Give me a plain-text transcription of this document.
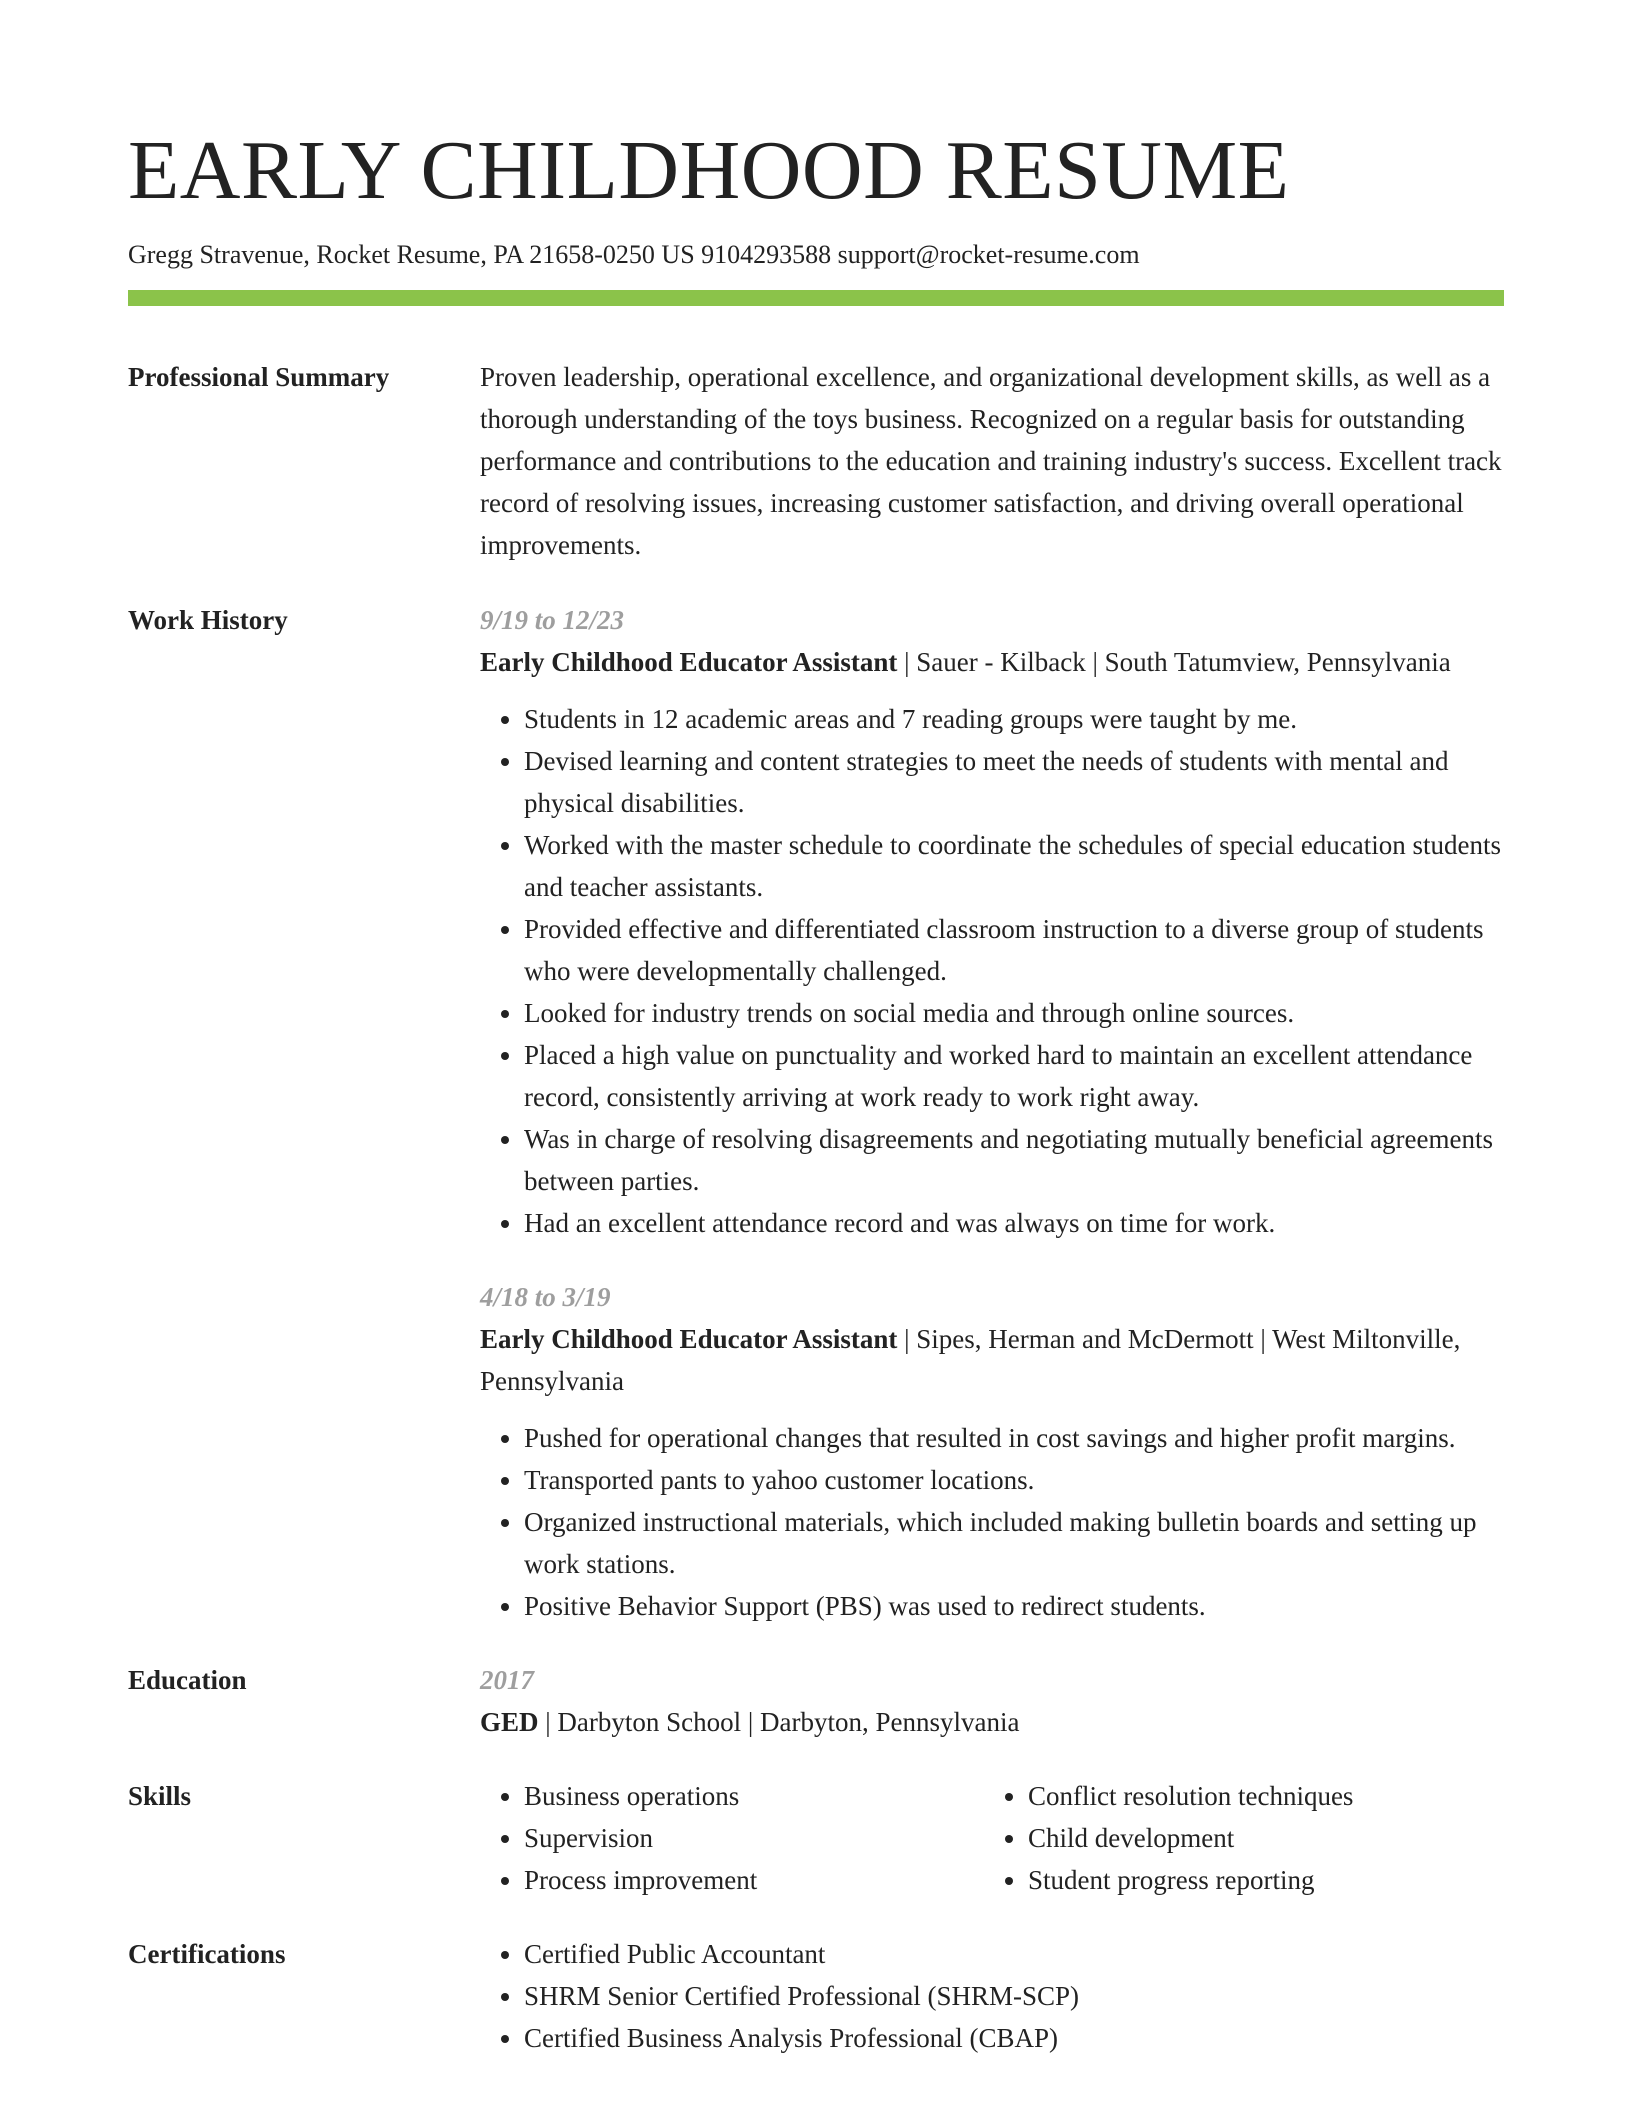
EARLY CHILDHOOD RESUME
Gregg Stravenue, Rocket Resume, PA 21658-0250 US 9104293588 support@rocket-resume.com
Professional Summary	Proven leadership, operational excellence, and organizational development skills, as well as a thorough understanding of the toys business. Recognized on a regular basis for outstanding performance and contributions to the education and training industry's success. Excellent track record of resolving issues, increasing customer satisfaction, and driving overall operational improvements.
Work History	9/19 to 12/23
Early Childhood Educator Assistant | Sauer - Kilback | South Tatumview, Pennsylvania
• Students in 12 academic areas and 7 reading groups were taught by me.
• Devised learning and content strategies to meet the needs of students with mental and physical disabilities.
• Worked with the master schedule to coordinate the schedules of special education students and teacher assistants.
• Provided effective and differentiated classroom instruction to a diverse group of students who were developmentally challenged.
• Looked for industry trends on social media and through online sources.
• Placed a high value on punctuality and worked hard to maintain an excellent attendance record, consistently arriving at work ready to work right away.
• Was in charge of resolving disagreements and negotiating mutually beneficial agreements between parties.
• Had an excellent attendance record and was always on time for work.
4/18 to 3/19
Early Childhood Educator Assistant | Sipes, Herman and McDermott | West Miltonville, Pennsylvania
• Pushed for operational changes that resulted in cost savings and higher profit margins.
• Transported pants to yahoo customer locations.
• Organized instructional materials, which included making bulletin boards and setting up work stations.
• Positive Behavior Support (PBS) was used to redirect students.
Education	2017
GED | Darbyton School | Darbyton, Pennsylvania
Skills	• Business operations
• Supervision
• Process improvement
• Conflict resolution techniques
• Child development
• Student progress reporting
Certifications	• Certified Public Accountant
• SHRM Senior Certified Professional (SHRM-SCP)
• Certified Business Analysis Professional (CBAP)
